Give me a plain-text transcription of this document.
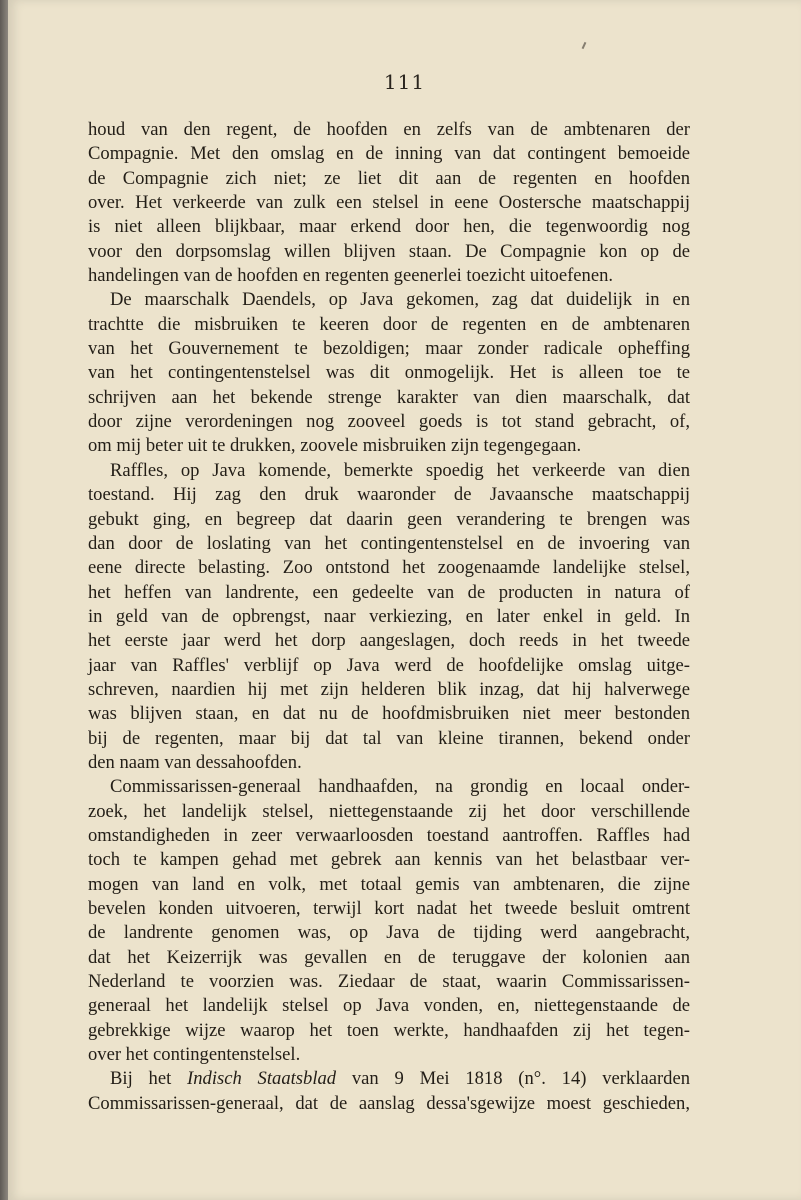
111
houd van den regent, de hoofden en zelfs van de ambtenaren der
Compagnie. Met den omslag en de inning van dat contingent bemoeide
de Compagnie zich niet; ze liet dit aan de regenten en hoofden
over. Het verkeerde van zulk een stelsel in eene Oostersche maatschappij
is niet alleen blijkbaar, maar erkend door hen, die tegenwoordig nog
voor den dorpsomslag willen blijven staan. De Compagnie kon op de
handelingen van de hoofden en regenten geenerlei toezicht uitoefenen.
De maarschalk Daendels, op Java gekomen, zag dat duidelijk in en
trachtte die misbruiken te keeren door de regenten en de ambtenaren
van het Gouvernement te bezoldigen; maar zonder radicale opheffing
van het contingentenstelsel was dit onmogelijk. Het is alleen toe te
schrijven aan het bekende strenge karakter van dien maarschalk, dat
door zijne verordeningen nog zooveel goeds is tot stand gebracht, of,
om mij beter uit te drukken, zoovele misbruiken zijn tegengegaan.
Raffles, op Java komende, bemerkte spoedig het verkeerde van dien
toestand. Hij zag den druk waaronder de Javaansche maatschappij
gebukt ging, en begreep dat daarin geen verandering te brengen was
dan door de loslating van het contingentenstelsel en de invoering van
eene directe belasting. Zoo ontstond het zoogenaamde landelijke stelsel,
het heffen van landrente, een gedeelte van de producten in natura of
in geld van de opbrengst, naar verkiezing, en later enkel in geld. In
het eerste jaar werd het dorp aangeslagen, doch reeds in het tweede
jaar van Raffles' verblijf op Java werd de hoofdelijke omslag uitge-
schreven, naardien hij met zijn helderen blik inzag, dat hij halverwege
was blijven staan, en dat nu de hoofdmisbruiken niet meer bestonden
bij de regenten, maar bij dat tal van kleine tirannen, bekend onder
den naam van dessahoofden.
Commissarissen-generaal handhaafden, na grondig en locaal onder-
zoek, het landelijk stelsel, niettegenstaande zij het door verschillende
omstandigheden in zeer verwaarloosden toestand aantroffen. Raffles had
toch te kampen gehad met gebrek aan kennis van het belastbaar ver-
mogen van land en volk, met totaal gemis van ambtenaren, die zijne
bevelen konden uitvoeren, terwijl kort nadat het tweede besluit omtrent
de landrente genomen was, op Java de tijding werd aangebracht,
dat het Keizerrijk was gevallen en de teruggave der kolonien aan
Nederland te voorzien was. Ziedaar de staat, waarin Commissarissen-
generaal het landelijk stelsel op Java vonden, en, niettegenstaande de
gebrekkige wijze waarop het toen werkte, handhaafden zij het tegen-
over het contingentenstelsel.
Bij het Indisch Staatsblad van 9 Mei 1818 (n°. 14) verklaarden
Commissarissen-generaal, dat de aanslag dessa'sgewijze moest geschieden,
